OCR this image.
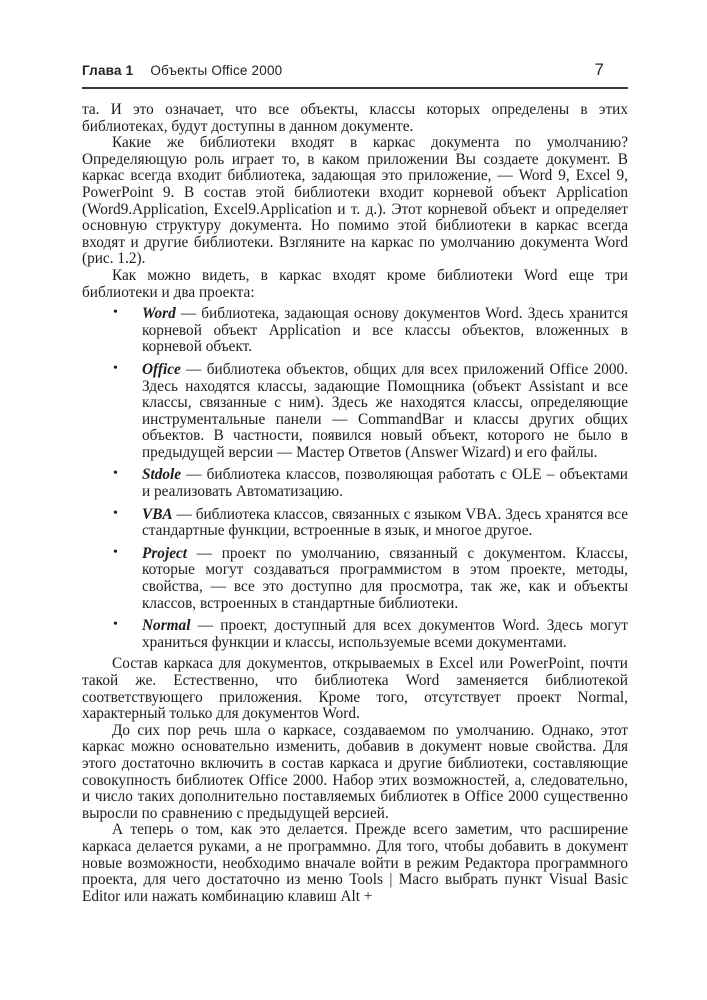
Глава 1 Объекты Office 2000	7

та. И это означает, что все объекты, классы которых определены в этих библиотеках, будут доступны в данном документе.

Какие же библиотеки входят в каркас документа по умолчанию? Определяющую роль играет то, в каком приложении Вы создаете документ. В каркас всегда входит библиотека, задающая это приложение, — Word 9, Excel 9, PowerPoint 9. В состав этой библиотеки входит корневой объект Application (Word9.Application, Excel9.Application и т. д.). Этот корневой объект и определяет основную структуру документа. Но помимо этой библиотеки в каркас всегда входят и другие библиотеки. Взгляните на каркас по умолчанию документа Word (рис. 1.2).

Как можно видеть, в каркас входят кроме библиотеки Word еще три библиотеки и два проекта:

• Word — библиотека, задающая основу документов Word. Здесь хранится корневой объект Application и все классы объектов, вложенных в корневой объект.
• Office — библиотека объектов, общих для всех приложений Office 2000. Здесь находятся классы, задающие Помощника (объект Assistant и все классы, связанные с ним). Здесь же находятся классы, определяющие инструментальные панели — CommandBar и классы других общих объектов. В частности, появился новый объект, которого не было в предыдущей версии — Мастер Ответов (Answer Wizard) и его файлы.
• Stdole — библиотека классов, позволяющая работать с OLE – объектами и реализовать Автоматизацию.
• VBA — библиотека классов, связанных с языком VBA. Здесь хранятся все стандартные функции, встроенные в язык, и многое другое.
• Project — проект по умолчанию, связанный с документом. Классы, которые могут создаваться программистом в этом проекте, методы, свойства, — все это доступно для просмотра, так же, как и объекты классов, встроенных в стандартные библиотеки.
• Normal — проект, доступный для всех документов Word. Здесь могут храниться функции и классы, используемые всеми документами.

Состав каркаса для документов, открываемых в Excel или PowerPoint, почти такой же. Естественно, что библиотека Word заменяется библиотекой соответствующего приложения. Кроме того, отсутствует проект Normal, характерный только для документов Word.

До сих пор речь шла о каркасе, создаваемом по умолчанию. Однако, этот каркас можно основательно изменить, добавив в документ новые свойства. Для этого достаточно включить в состав каркаса и другие библиотеки, составляющие совокупность библиотек Office 2000. Набор этих возможностей, а, следовательно, и число таких дополнительно поставляемых библиотек в Office 2000 существенно выросли по сравнению с предыдущей версией.

А теперь о том, как это делается. Прежде всего заметим, что расширение каркаса делается руками, а не программно. Для того, чтобы добавить в документ новые возможности, необходимо вначале войти в режим Редактора программного проекта, для чего достаточно из меню Tools | Macro выбрать пункт Visual Basic Editor или нажать комбинацию клавиш Alt +
